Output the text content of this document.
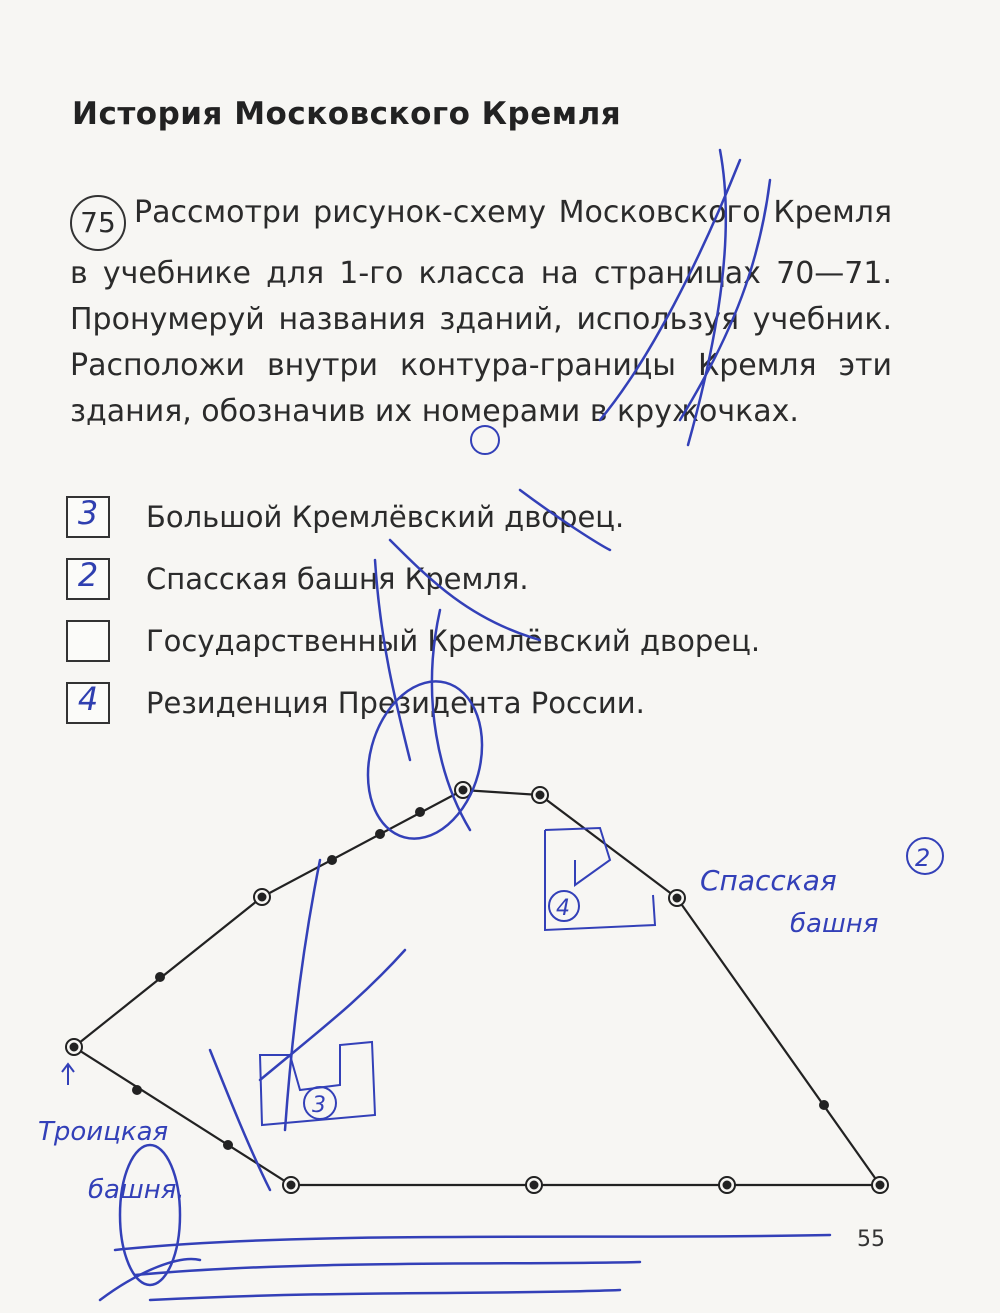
История Московского Кремля
75 Рассмотри рисунок-схему Московского Кремля в учебнике для 1-го класса на страницах 70—71. Пронумеруй названия зданий, используя учебник. Расположи внутри контура-границы Кремля эти здания, обозначив их номерами в кружочках.
3	Большой Кремлёвский дворец.
2	Спасская башня Кремля.
Государственный Кремлёвский дворец.
4	Резиденция Президента России.
4
3
Спасская
башня
2
Троицкая
башня.
55
